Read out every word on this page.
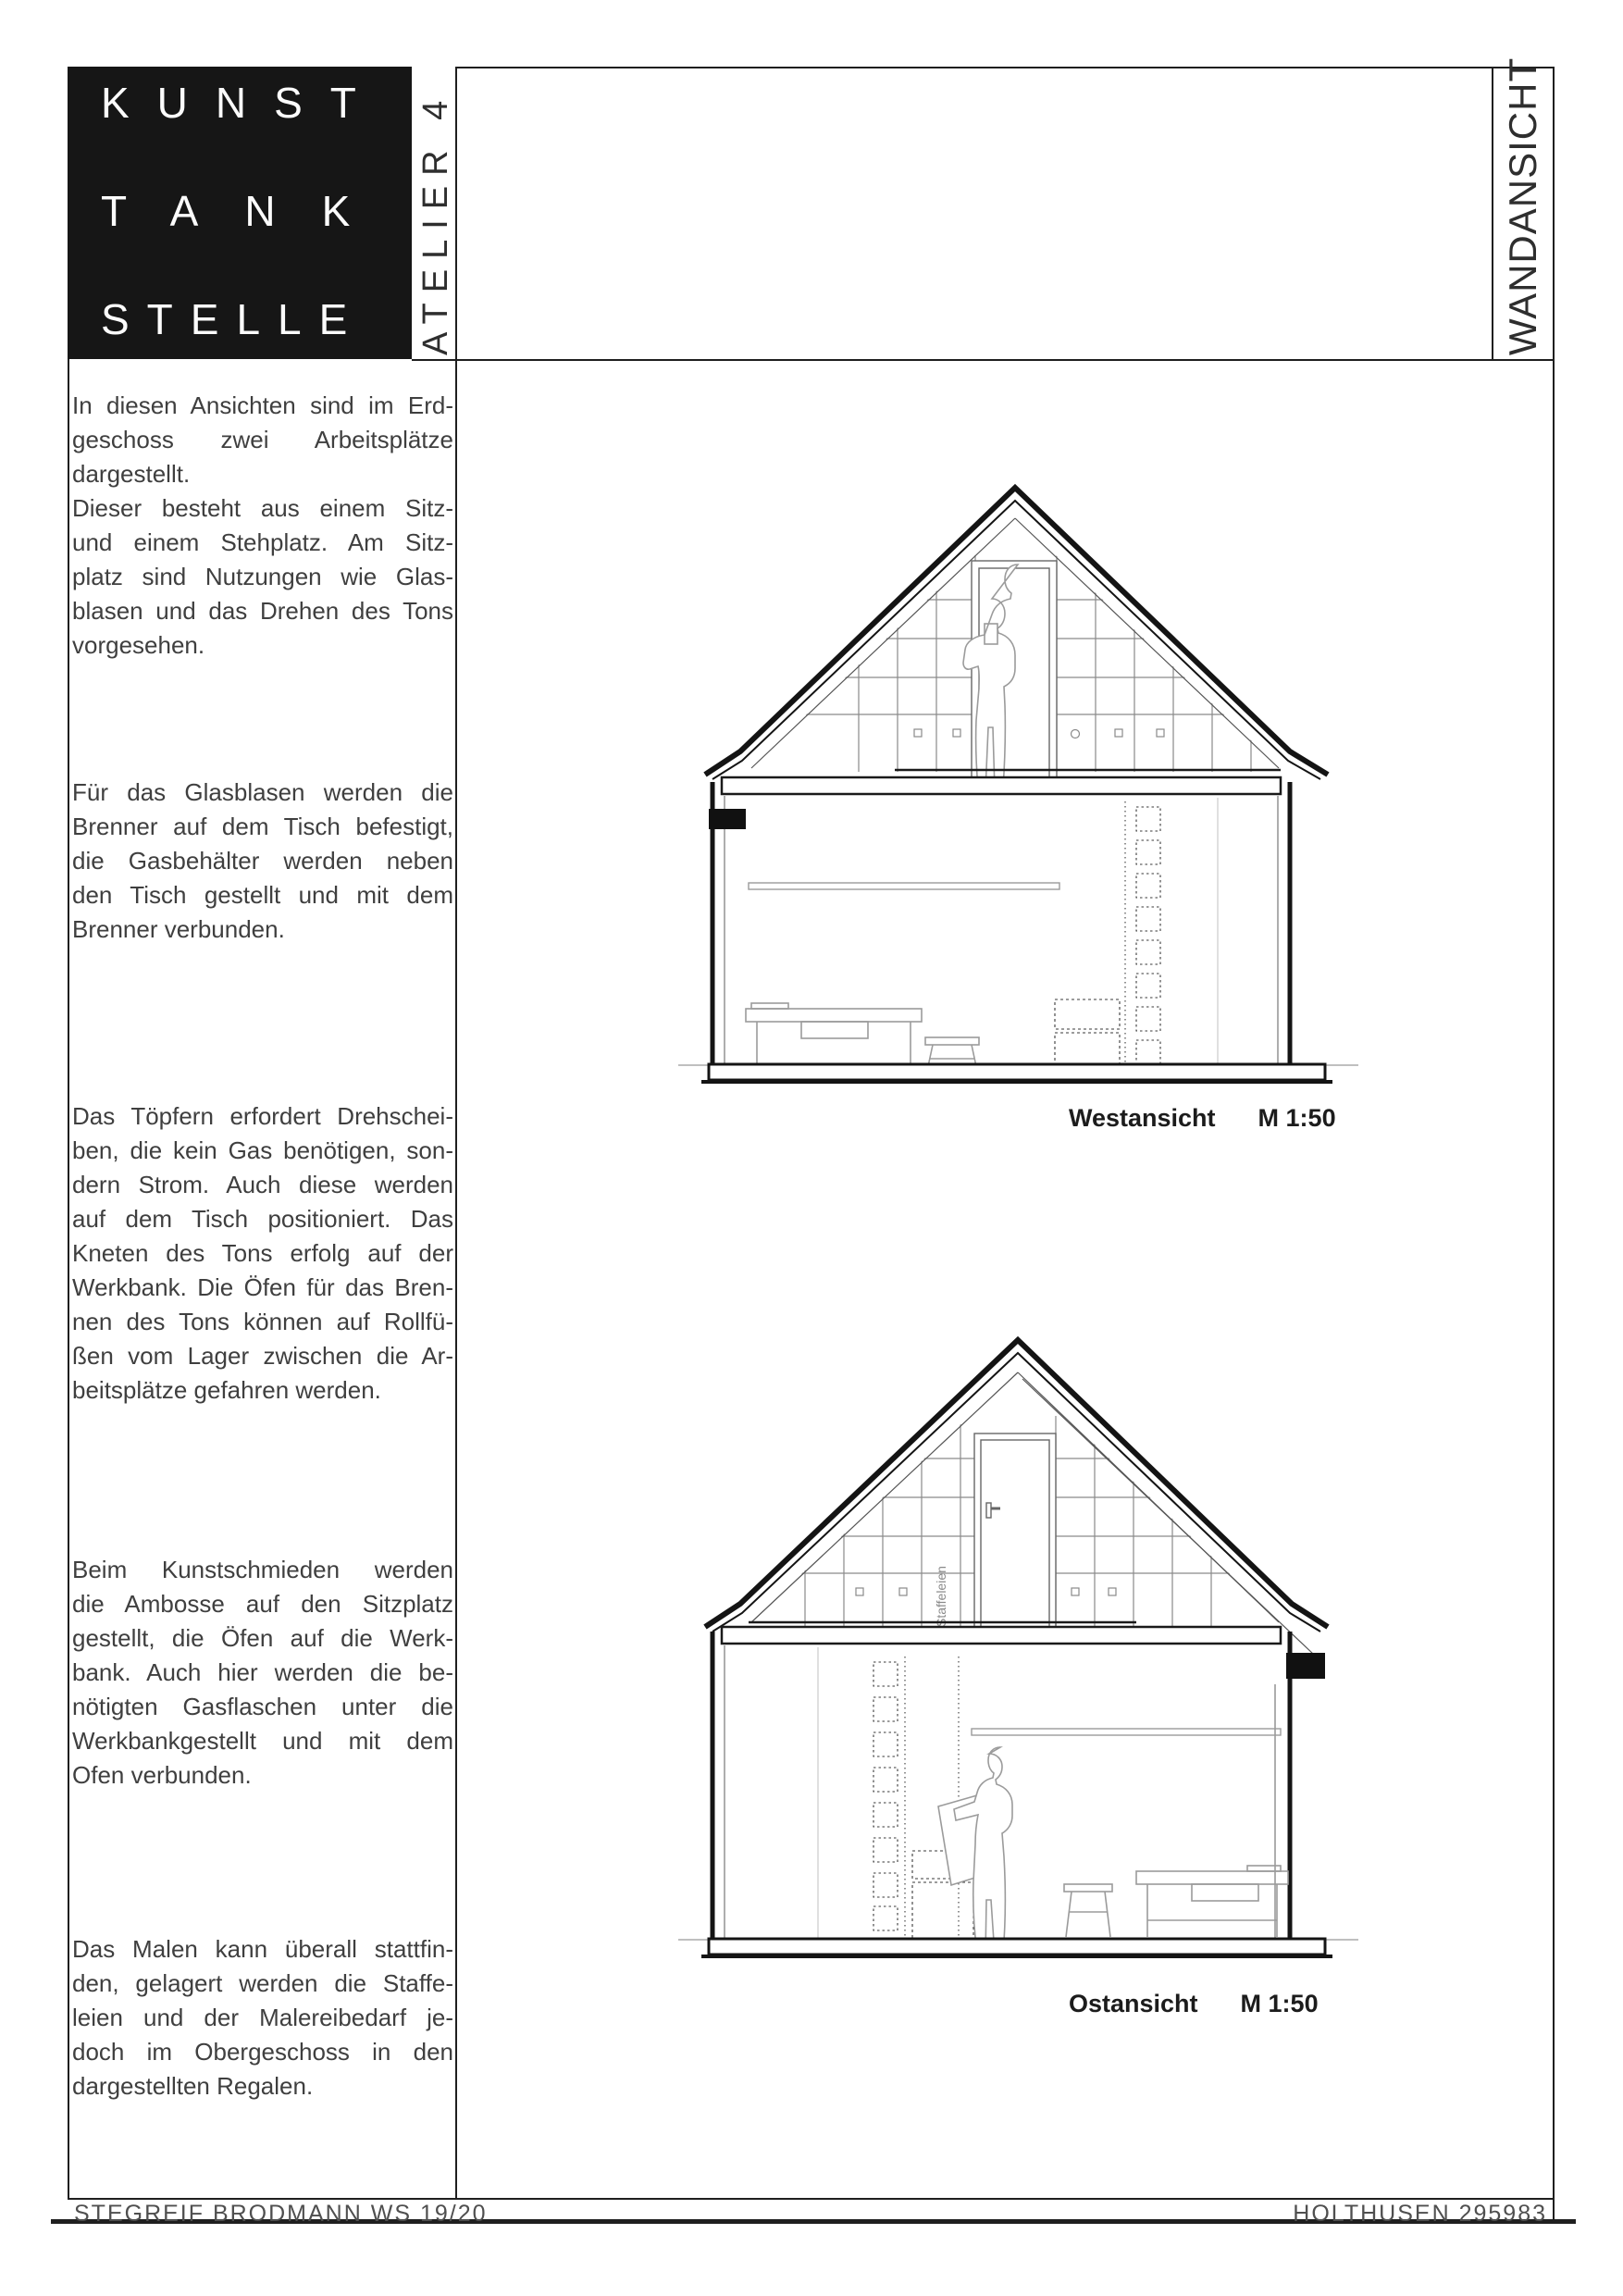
KUNST
TANK
STELLE ATELIER 4	WANDANSICHT
In diesen Ansichten sind im Erd-
geschoss zwei Arbeitsplätze
dargestellt.
Dieser besteht aus einem Sitz-
und einem Stehplatz. Am Sitz-
platz sind Nutzungen wie Glas-
blasen und das Drehen des Tons
vorgesehen.
Für das Glasblasen werden die
Brenner auf dem Tisch befestigt,
die Gasbehälter werden neben
den Tisch gestellt und mit dem
Brenner verbunden.
Das Töpfern erfordert Drehschei-
ben, die kein Gas benötigen, son-
dern Strom. Auch diese werden
auf dem Tisch positioniert. Das
Kneten des Tons erfolg auf der
Werkbank. Die Öfen für das Bren-
nen des Tons können auf Rollfü-
ßen vom Lager zwischen die Ar-
beitsplätze gefahren werden.
Beim Kunstschmieden werden
die Ambosse auf den Sitzplatz
gestellt, die Öfen auf die Werk-
bank. Auch hier werden die be-
nötigten Gasflaschen unter die
Werkbankgestellt und mit dem
Ofen verbunden.
Das Malen kann überall stattfin-
den, gelagert werden die Staffe-
leien und der Malereibedarf je-
doch im Obergeschoss in den
dargestellten Regalen.
Staffeleien
Westansicht M 1:50
Ostansicht M 1:50
STEGREIF BRODMANN WS 19/20	HOLTHUSEN 295983
